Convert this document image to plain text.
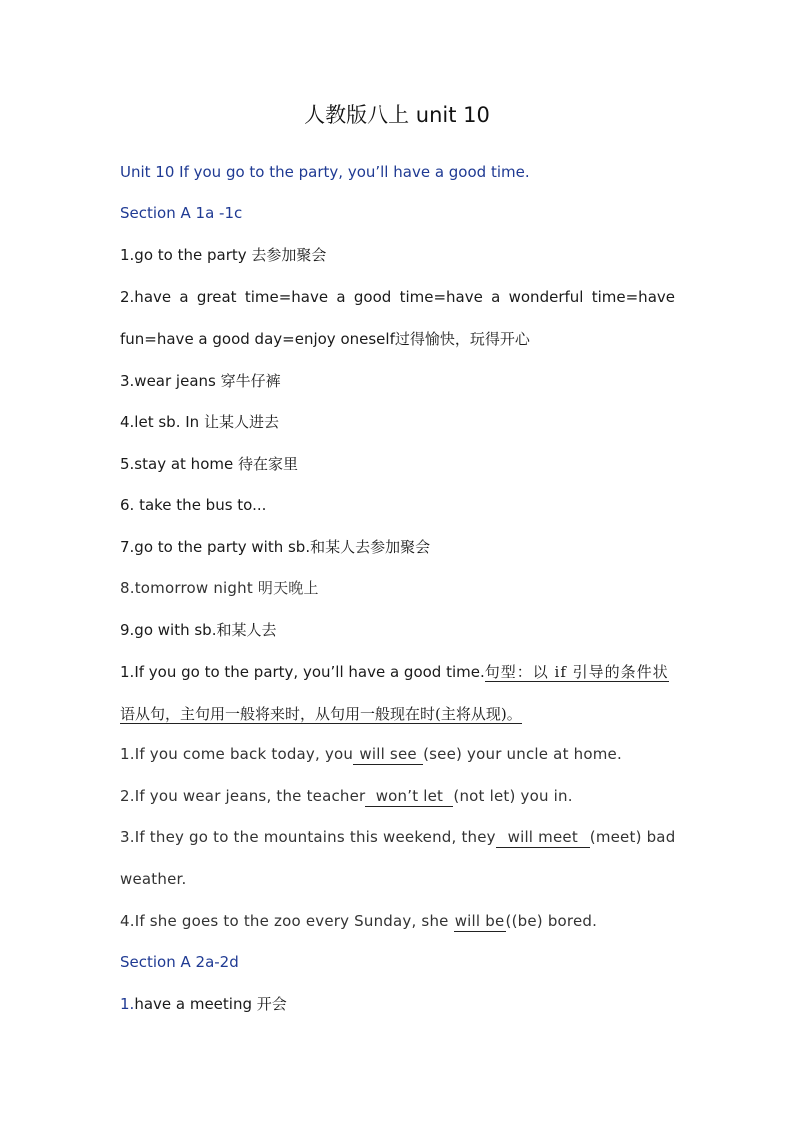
人教版八上 unit 10
Unit 10 If you go to the party, you’ll have a good time.
Section A 1a -1c
1.go to the party 去参加聚会
2.have a great time=have a good time=have a wonderful time=have
fun=have a good day=enjoy oneself过得愉快，玩得开心
3.wear jeans 穿牛仔裤
4.let sb. In 让某人进去
5.stay at home 待在家里
6. take the bus to...
7.go to the party with sb.和某人去参加聚会
8.tomorrow night 明天晚上
9.go with sb.和某人去
1.If you go to the party, you’ll have a good time.句型：以 if 引导的条件状
语从句，主句用一般将来时，从句用一般现在时(主将从现)。
1.If you come back today, you will see(see) your uncle at home.
2.If you wear jeans, the teacher won’t let(not let) you in.
3.If they go to the mountains this weekend, they will meet(meet) bad
weather.
4.If she goes to the zoo every Sunday, she will be((be) bored.
Section A 2a-2d
1.have a meeting 开会
